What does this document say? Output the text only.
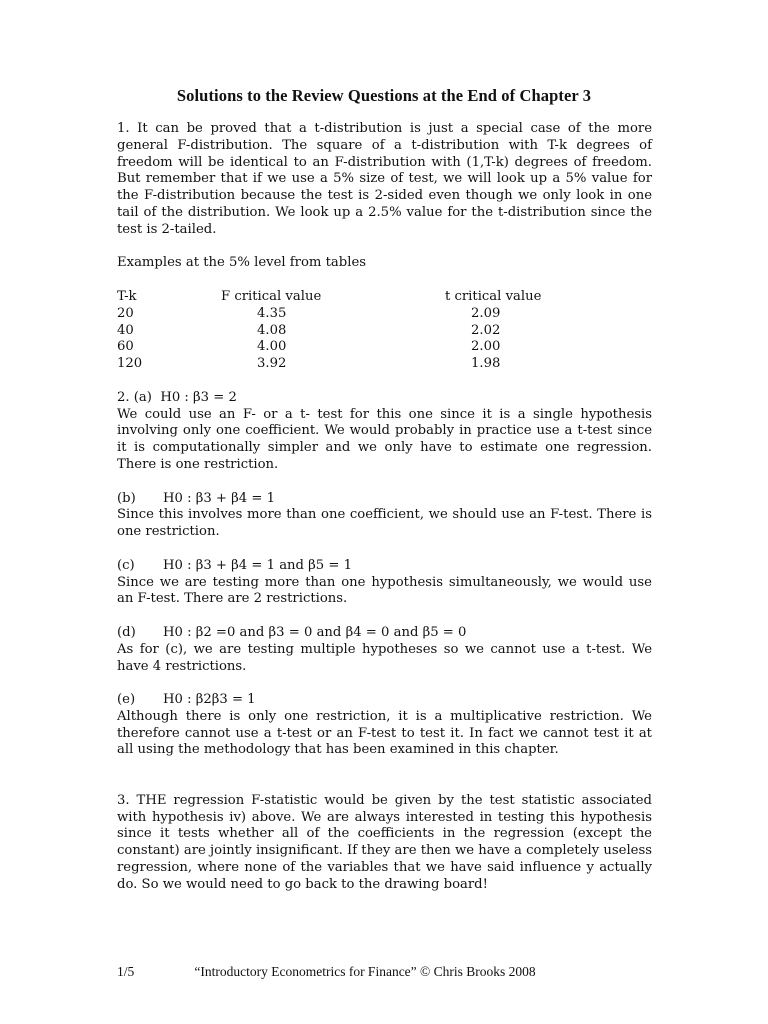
Solutions to the Review Questions at the End of Chapter 3

1. It can be proved that a t-distribution is just a special case of the more general F-distribution. The square of a t-distribution with T-k degrees of freedom will be identical to an F-distribution with (1,T-k) degrees of freedom. But remember that if we use a 5% size of test, we will look up a 5% value for the F-distribution because the test is 2-sided even though we only look in one tail of the distribution. We look up a 2.5% value for the t-distribution since the test is 2-tailed.

Examples at the 5% level from tables
T-k	F critical value	t critical value
20	4.35	2.09
40	4.08	2.02
60	4.00	2.00
120	3.92	1.98
2. (a)
H0 : β3 = 2

We could use an F- or a t- test for this one since it is a single hypothesis involving only one coefficient. We would probably in practice use a t-test since it is computationally simpler and we only have to estimate one regression. There is one restriction.

(b)	H0 : β3 + β4 = 1

Since this involves more than one coefficient, we should use an F-test. There is one restriction.

(c)	H0 : β3 + β4 = 1 and β5 = 1

Since we are testing more than one hypothesis simultaneously, we would use an F-test. There are 2 restrictions.

(d)	H0 : β2 =0 and β3 = 0 and β4 = 0 and β5 = 0

As for (c), we are testing multiple hypotheses so we cannot use a t-test. We have 4 restrictions.

(e)	H0 : β2β3 = 1

Although there is only one restriction, it is a multiplicative restriction. We therefore cannot use a t-test or an F-test to test it. In fact we cannot test it at all using the methodology that has been examined in this chapter.

3. THE regression F-statistic would be given by the test statistic associated with hypothesis iv) above. We are always interested in testing this hypothesis since it tests whether all of the coefficients in the regression (except the constant) are jointly insignificant. If they are then we have a completely useless regression, where none of the variables that we have said influence y actually do. So we would need to go back to the drawing board!

1/5	“Introductory Econometrics for Finance” © Chris Brooks 2008
